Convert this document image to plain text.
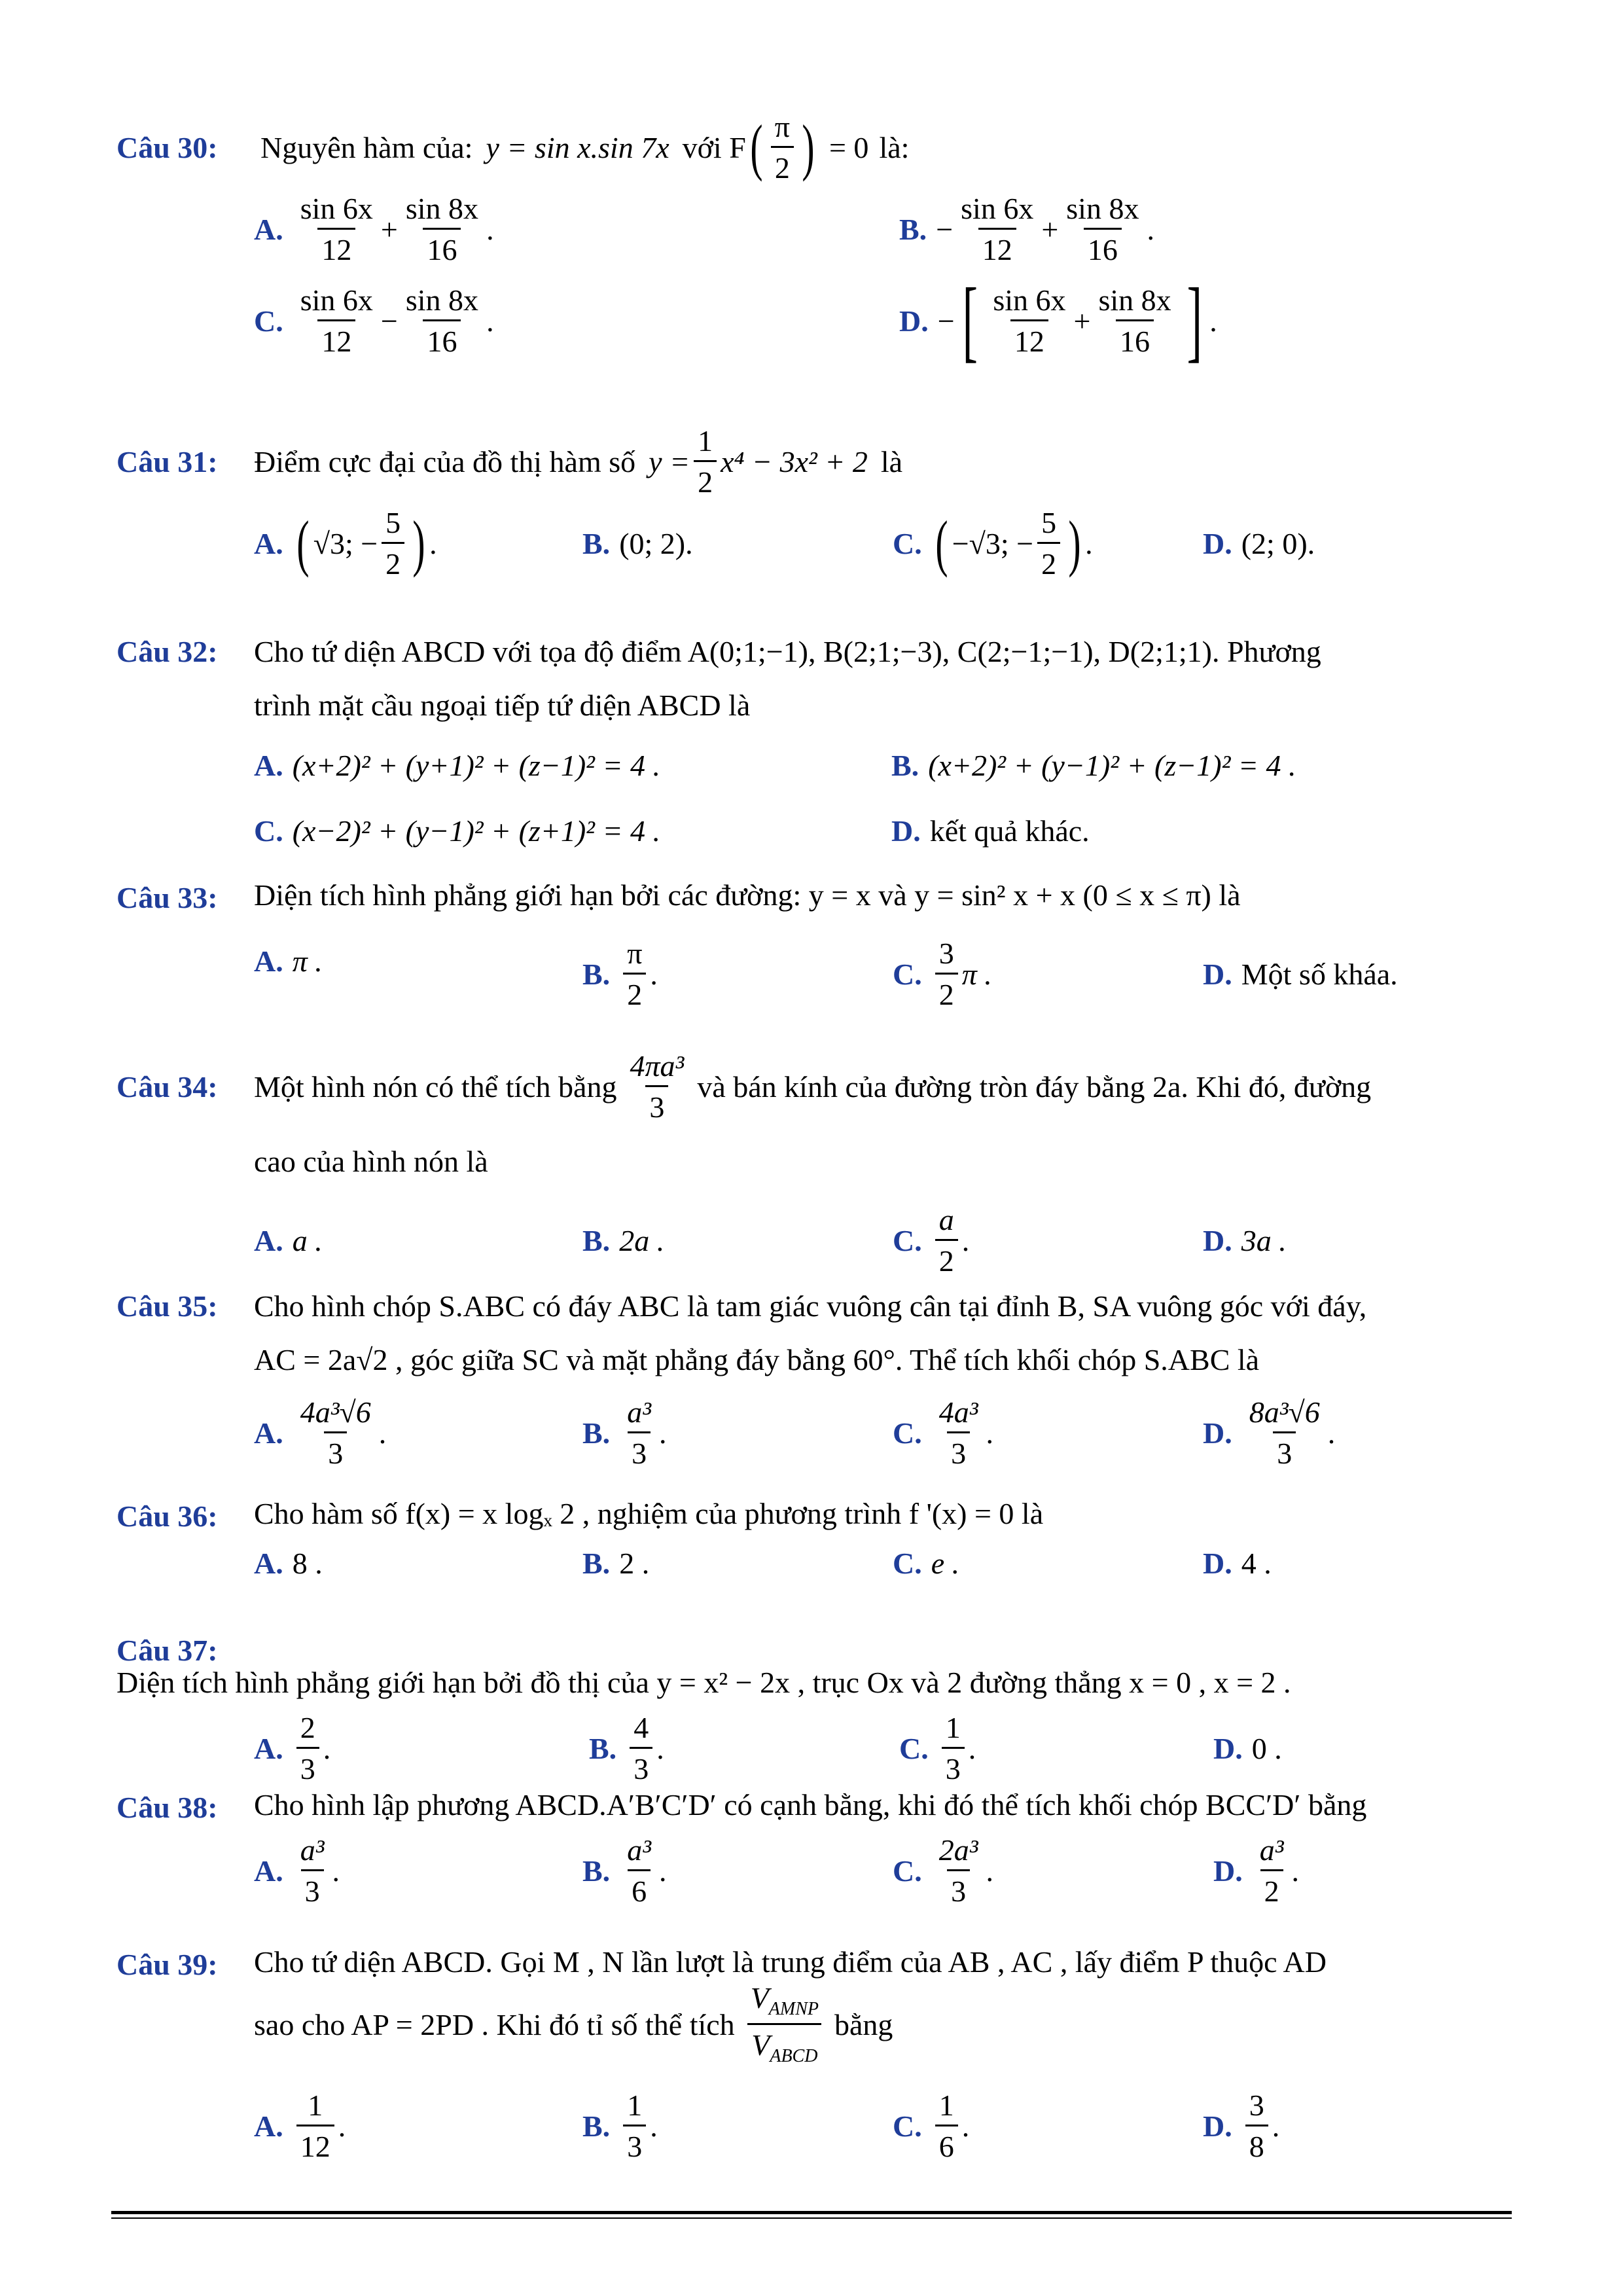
Câu 30:	Nguyên hàm của: y = sin x.sin 7x với F ( $\frac{\pi}{2}$ ) = 0 là:
A. $\frac{\sin 6x}{12} + \frac{\sin 8x}{16}$ .	B. − $\frac{\sin 6x}{12} + \frac{\sin 8x}{16}$ .
C. $\frac{\sin 6x}{12} - \frac{\sin 8x}{16}$ .	D. − [ $\frac{\sin 6x}{12} + \frac{\sin 8x}{16}$ ] .
Câu 31:	Điểm cực đại của đồ thị hàm số $y = \frac{1}{2} x^4 - 3x^2 + 2$ là
A. ( √3; − $\frac{5}{2}$ ) .	B. (0; 2).	C. ( −√3; − $\frac{5}{2}$ ) .	D. (2; 0).
Câu 32: Cho tứ diện ABCD với tọa độ điểm A(0;1;−1), B(2;1;−3), C(2;−1;−1), D(2;1;1). Phương
trình mặt cầu ngoại tiếp tứ diện ABCD là
A. (x+2)² + (y+1)² + (z−1)² = 4 .	B. (x+2)² + (y−1)² + (z−1)² = 4 .
C. (x−2)² + (y−1)² + (z+1)² = 4 .	D. kết quả khác.
Câu 33: Diện tích hình phẳng giới hạn bởi các đường: y = x và y = sin² x + x (0 ≤ x ≤ π) là
A. π .	B. $\frac{\pi}{2}$ .	C. $\frac{3}{2}$ π .	D. Một số kháa.
Câu 34:	Một hình nón có thể tích bằng $\frac{\text{4πa³}}{3}$ và bán kính của đường tròn đáy bằng 2a. Khi đó, đường
cao của hình nón là
A. a .	B. 2a .	C. $\frac{a}{2}$ .	D. 3a .
Câu 35: Cho hình chóp S.ABC có đáy ABC là tam giác vuông cân tại đỉnh B, SA vuông góc với đáy,
AC = 2a√2 , góc giữa SC và mặt phẳng đáy bằng 60°. Thể tích khối chóp S.ABC là
A. $\frac{\text{4a³√6}}{3}$ .	B. $\frac{\text{a³}}{3}$ .	C. $\frac{\text{4a³}}{3}$ .	D. $\frac{\text{8a³√6}}{3}$ .
Câu 36: Cho hàm số f(x) = x logₓ 2 , nghiệm của phương trình f '(x) = 0 là
A. 8 .	B. 2 .	C. e .	D. 4 .
Câu 37:Diện tích hình phẳng giới hạn bởi đồ thị của y = x² − 2x , trục Ox và 2 đường thẳng x = 0 , x = 2 .
A. $\frac{2}{3}$ .	B. $\frac{4}{3}$ .	C. $\frac{1}{3}$ .	D. 0 .
Câu 38: Cho hình lập phương ABCD.A′B′C′D′ có cạnh bằng, khi đó thể tích khối chóp BCC′D′ bằng
A. $\frac{\text{a³}}{3}$ .	B. $\frac{\text{a³}}{6}$ .	C. $\frac{\text{2a³}}{3}$ .	D. $\frac{\text{a³}}{2}$ .
Câu 39: Cho tứ diện ABCD. Gọi M , N lần lượt là trung điểm của AB , AC , lấy điểm P thuộc AD
sao cho AP = 2PD . Khi đó tỉ số thể tích $\frac{V_{AMNP}}{V_{ABCD}}$ bằng
A. $\frac{1}{12}$ .	B. $\frac{1}{3}$ .	C. $\frac{1}{6}$ .	D. $\frac{3}{8}$ .
